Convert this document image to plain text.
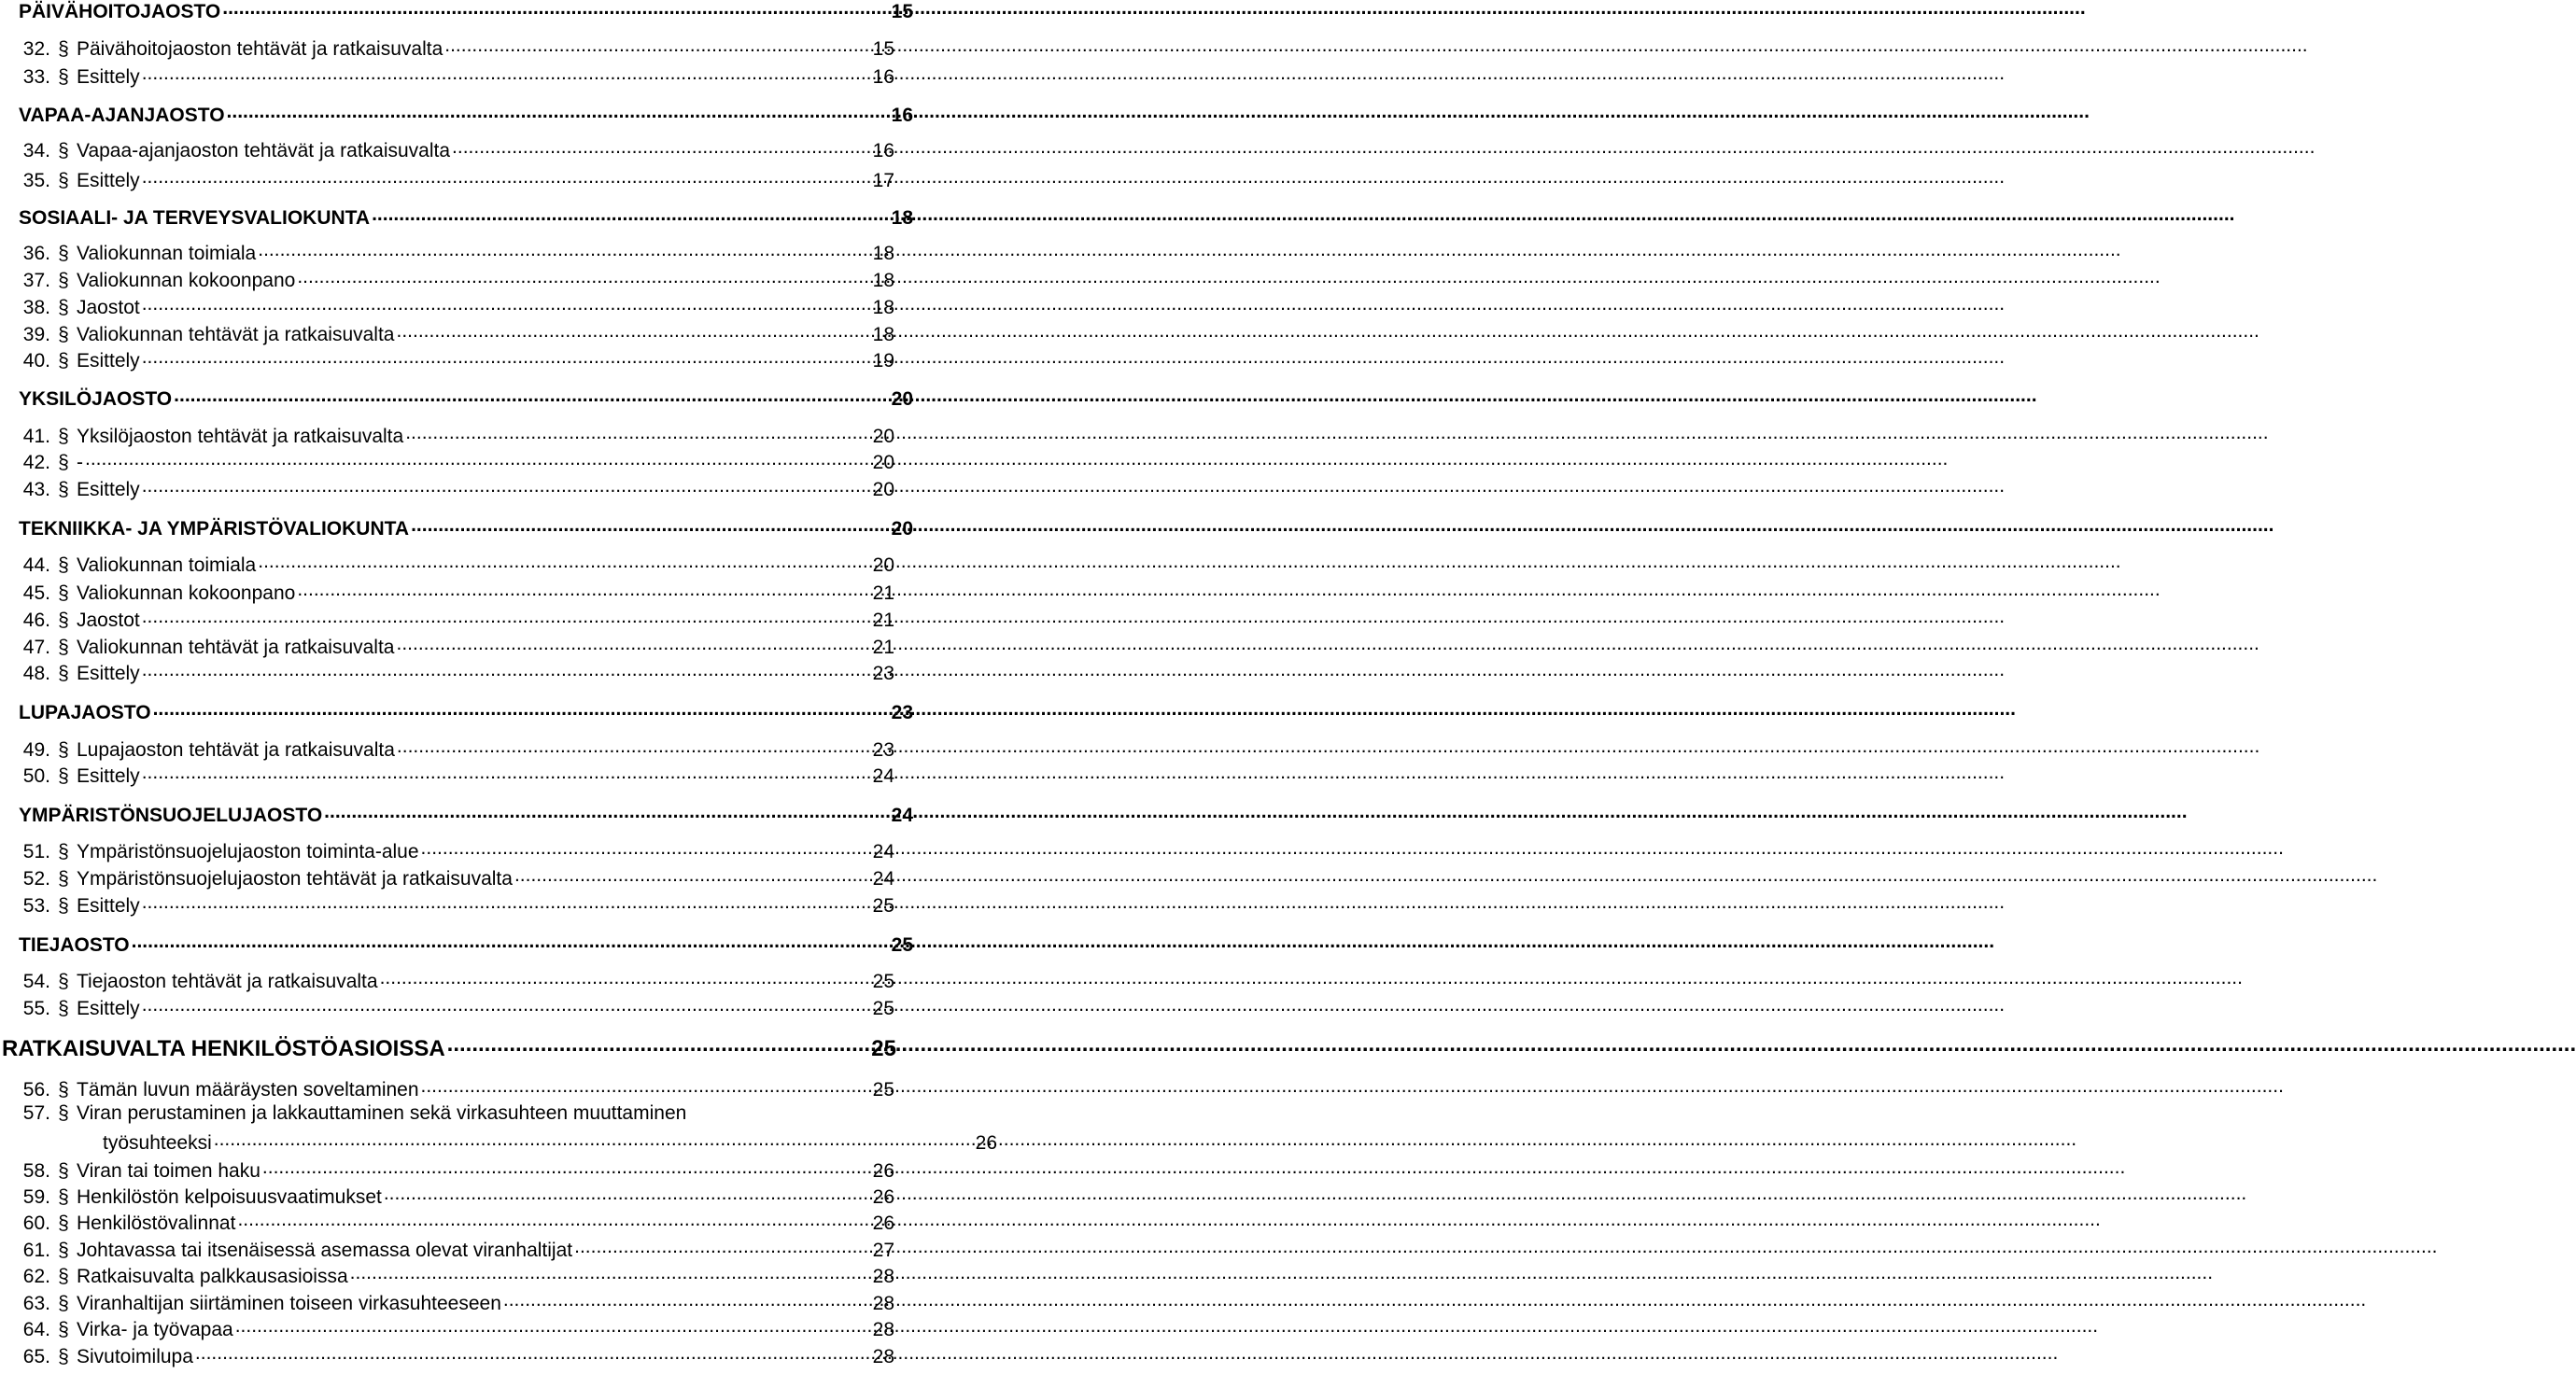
PÄIVÄHOITOJAOSTO .....	15
32. § Päivähoitojaoston tehtävät ja ratkaisuvalta .....	15
33. § Esittely .....	16
VAPAA-AJANJAOSTO .....	16
34. § Vapaa-ajanjaoston tehtävät ja ratkaisuvalta .....	16
35. § Esittely .....	17
SOSIAALI- JA TERVEYSVALIOKUNTA .....	18
36. § Valiokunnan toimiala .....	18
37. § Valiokunnan kokoonpano .....	18
38. § Jaostot .....	18
39. § Valiokunnan tehtävät ja ratkaisuvalta .....	18
40. § Esittely .....	19
YKSILÖJAOSTO .....	20
41. § Yksilöjaoston tehtävät ja ratkaisuvalta .....	20
42. § - .....	20
43. § Esittely .....	20
TEKNIIKKA- JA YMPÄRISTÖVALIOKUNTA .....	20
44. § Valiokunnan toimiala .....	20
45. § Valiokunnan kokoonpano .....	21
46. § Jaostot .....	21
47. § Valiokunnan tehtävät ja ratkaisuvalta .....	21
48. § Esittely .....	23
LUPAJAOSTO .....	23
49. § Lupajaoston tehtävät ja ratkaisuvalta .....	23
50. § Esittely .....	24
YMPÄRISTÖNSUOJELUJAOSTO .....	24
51. § Ympäristönsuojelujaoston toiminta-alue .....	24
52. § Ympäristönsuojelujaoston tehtävät ja ratkaisuvalta .....	24
53. § Esittely .....	25
TIEJAOSTO .....	25
54. § Tiejaoston tehtävät ja ratkaisuvalta .....	25
55. § Esittely .....	25
RATKAISUVALTA HENKILÖSTÖASIOISSA .....	25
56. § Tämän luvun määräysten soveltaminen .....	25
57. § Viran perustaminen ja lakkauttaminen sekä virkasuhteen muuttaminen
työsuhteeksi .....	26
58. § Viran tai toimen haku .....	26
59. § Henkilöstön kelpoisuusvaatimukset .....	26
60. § Henkilöstövalinnat .....	26
61. § Johtavassa tai itsenäisessä asemassa olevat viranhaltijat .....	27
62. § Ratkaisuvalta palkkausasioissa .....	28
63. § Viranhaltijan siirtäminen toiseen virkasuhteeseen .....	28
64. § Virka- ja työvapaa .....	28
65. § Sivutoimilupa .....	28
